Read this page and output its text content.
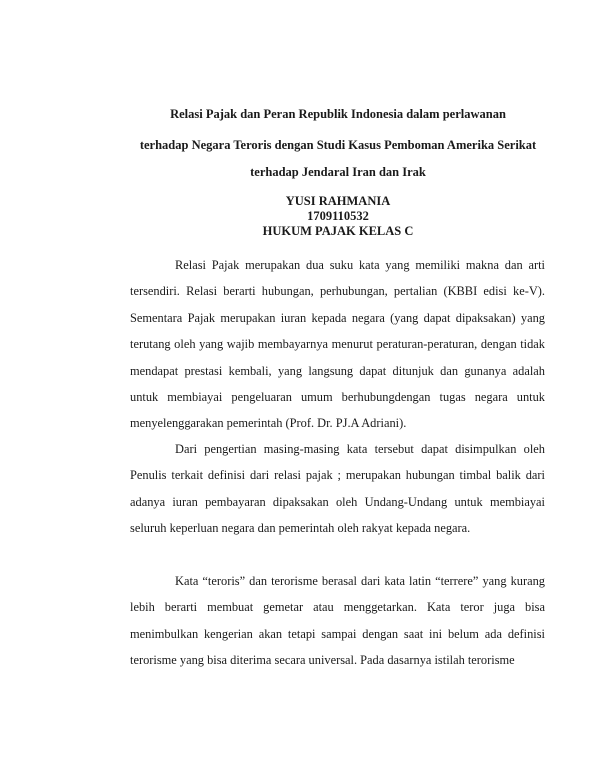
Relasi Pajak dan Peran Republik Indonesia dalam perlawanan
terhadap Negara Teroris dengan Studi Kasus Pemboman Amerika Serikat
terhadap Jendaral Iran dan Irak
YUSI RAHMANIA
1709110532
HUKUM PAJAK KELAS C

Relasi Pajak merupakan dua suku kata yang memiliki makna dan arti tersendiri. Relasi berarti hubungan, perhubungan, pertalian (KBBI edisi ke-V). Sementara Pajak merupakan iuran kepada negara (yang dapat dipaksakan) yang terutang oleh yang wajib membayarnya menurut peraturan-peraturan, dengan tidak mendapat prestasi kembali, yang langsung dapat ditunjuk dan gunanya adalah untuk membiayai pengeluaran umum berhubungdengan tugas negara untuk menyelenggarakan pemerintah (Prof. Dr. PJ.A Adriani).

Dari pengertian masing-masing kata tersebut dapat disimpulkan oleh Penulis terkait definisi dari relasi pajak ; merupakan hubungan timbal balik dari adanya iuran pembayaran dipaksakan oleh Undang-Undang untuk membiayai seluruh keperluan negara dan pemerintah oleh rakyat kepada negara.

Kata “teroris” dan terorisme berasal dari kata latin “terrere” yang kurang lebih berarti membuat gemetar atau menggetarkan. Kata teror juga bisa menimbulkan kengerian akan tetapi sampai dengan saat ini belum ada definisi terorisme yang bisa diterima secara universal. Pada dasarnya istilah terorisme
